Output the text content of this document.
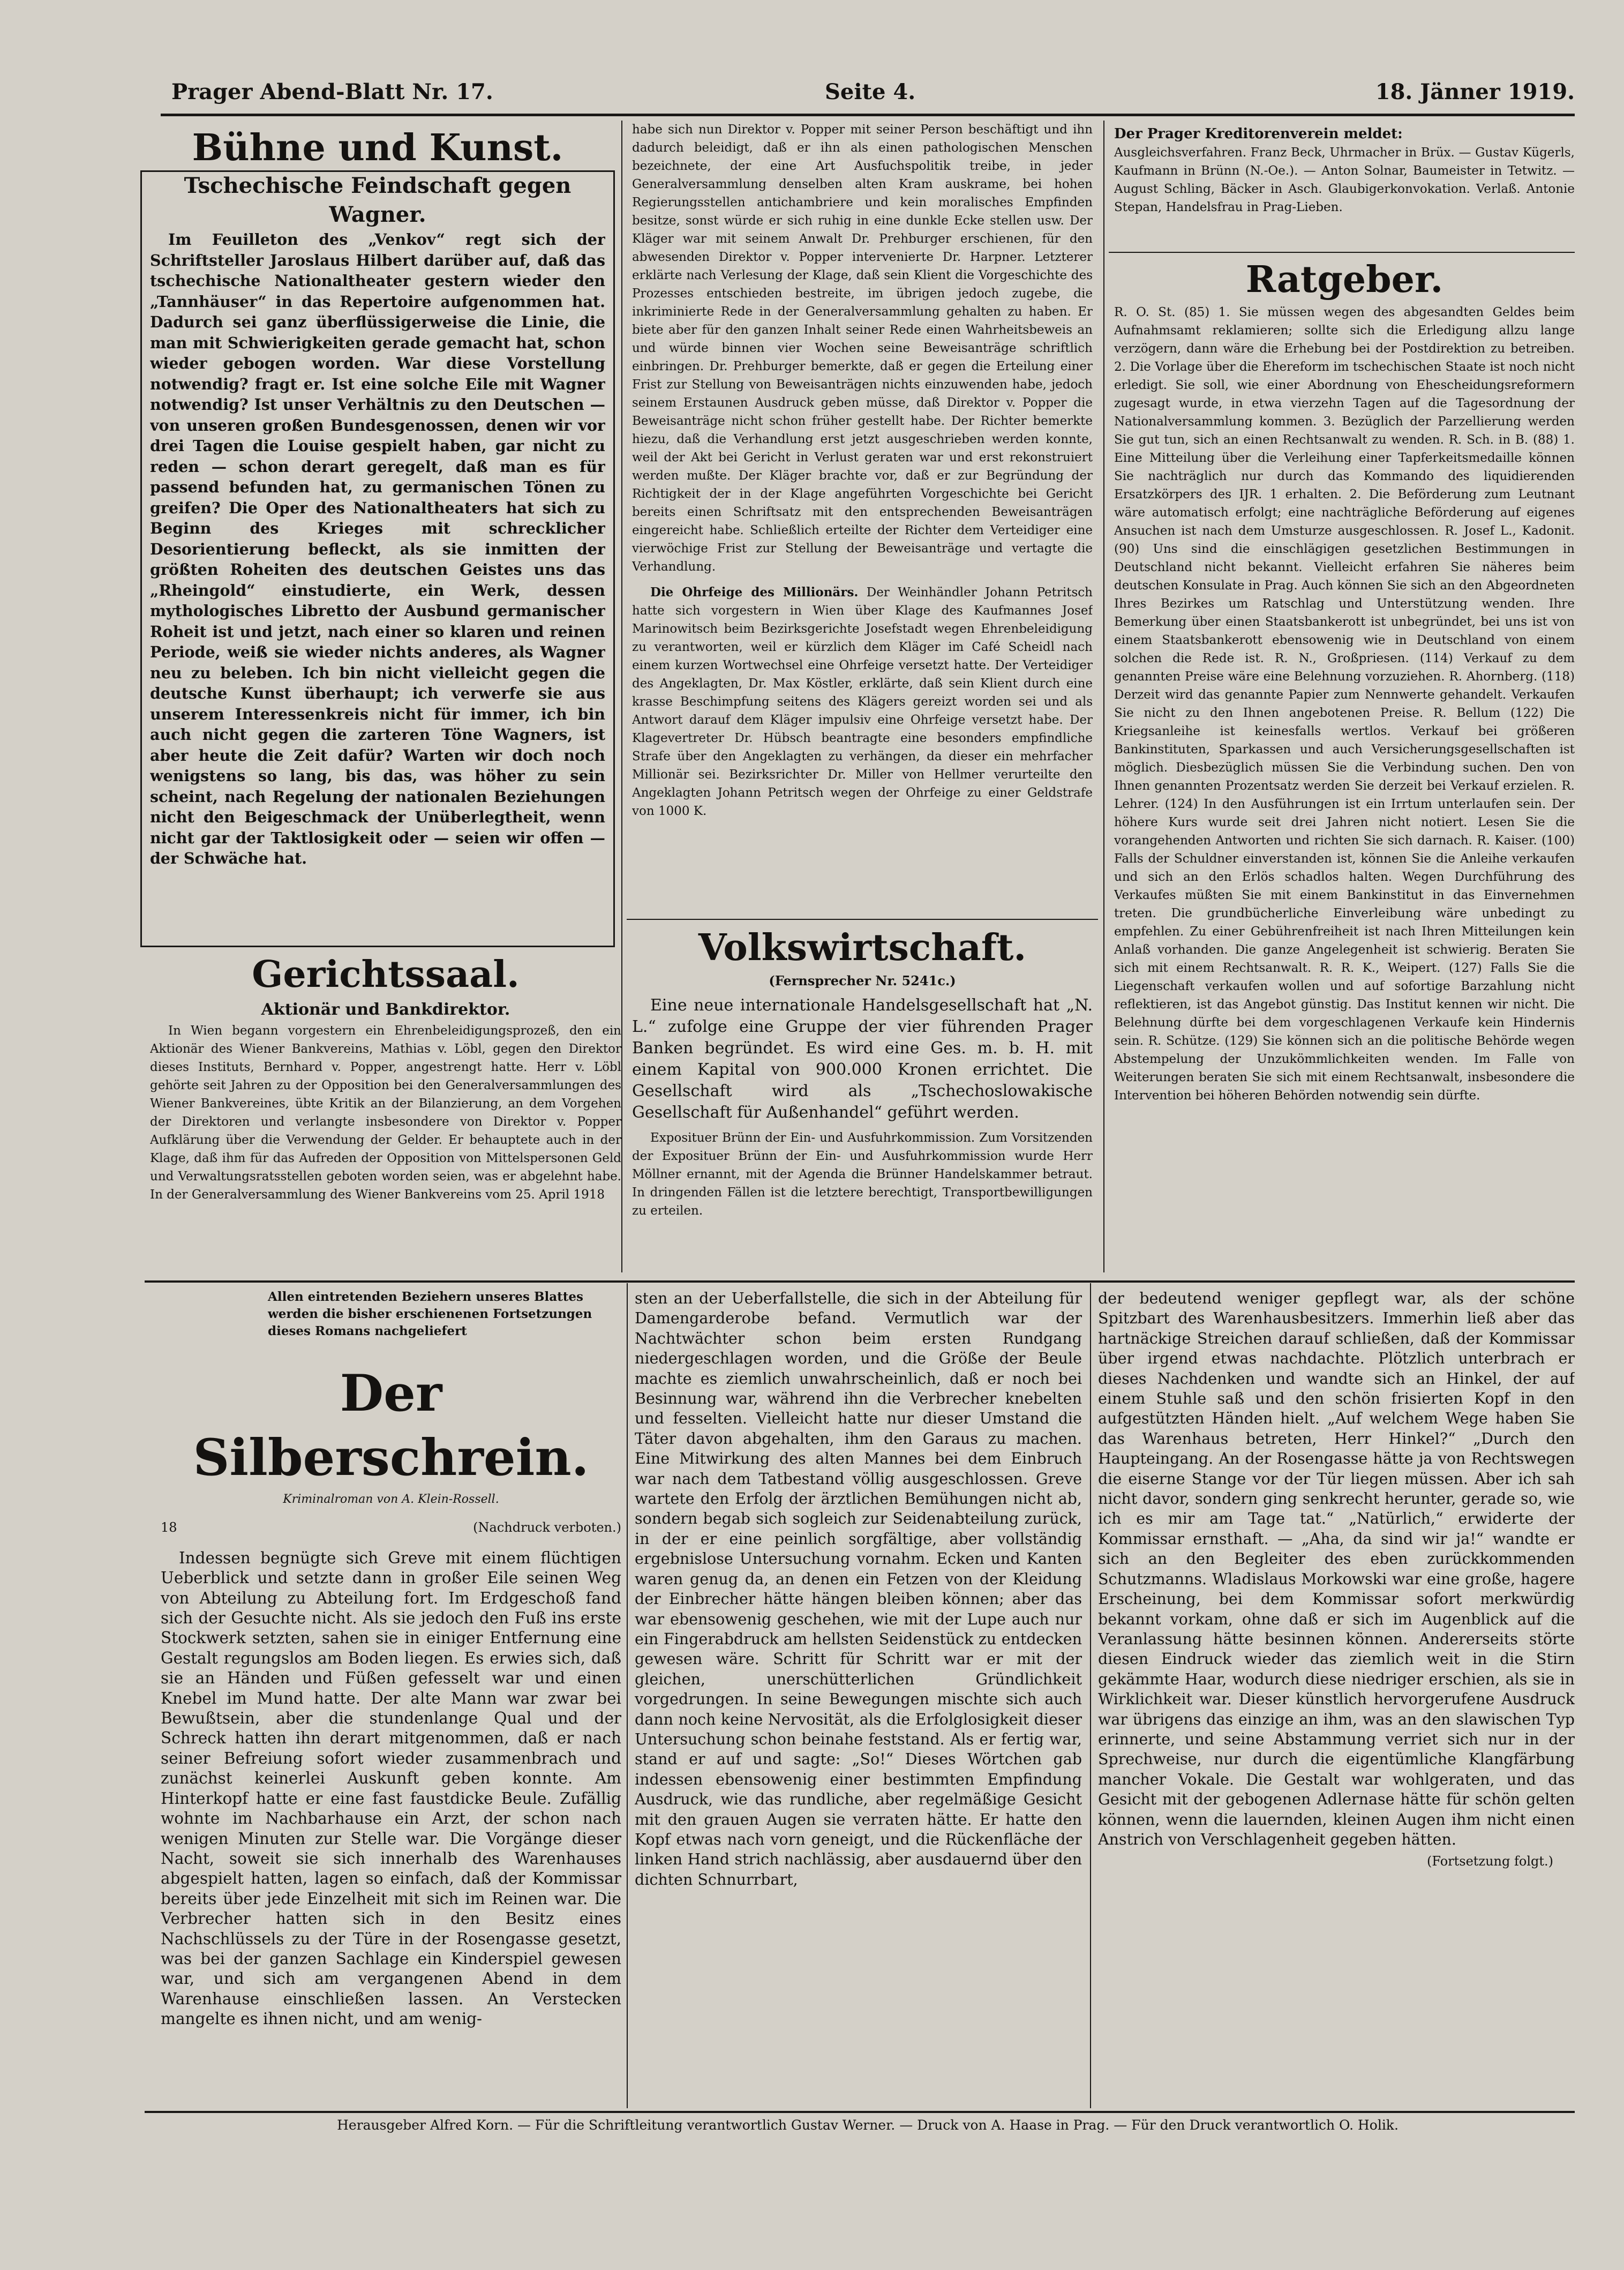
Prager Abend-Blatt Nr. 17.	Seite 4.	18. Jänner 1919.
Bühne und Kunst.
Tschechische Feindschaft gegen Wagner.

Im Feuilleton des „Venkov“ regt sich der Schriftsteller Jaroslaus Hilbert darüber auf, daß das tschechische Nationaltheater gestern wieder den „Tannhäuser“ in das Repertoire aufgenommen hat. Dadurch sei ganz überflüssigerweise die Linie, die man mit Schwierigkeiten gerade gemacht hat, schon wieder gebogen worden. War diese Vorstellung notwendig? fragt er. Ist eine solche Eile mit Wagner notwendig? Ist unser Verhältnis zu den Deutschen — von unseren großen Bundesgenossen, denen wir vor drei Tagen die Louise gespielt haben, gar nicht zu reden — schon derart geregelt, daß man es für passend befunden hat, zu germanischen Tönen zu greifen? Die Oper des Nationaltheaters hat sich zu Beginn des Krieges mit schrecklicher Desorientierung befleckt, als sie inmitten der größten Roheiten des deutschen Geistes uns das „Rheingold“ einstudierte, ein Werk, dessen mythologisches Libretto der Ausbund germanischer Roheit ist und jetzt, nach einer so klaren und reinen Periode, weiß sie wieder nichts anderes, als Wagner neu zu beleben. Ich bin nicht vielleicht gegen die deutsche Kunst überhaupt; ich verwerfe sie aus unserem Interessenkreis nicht für immer, ich bin auch nicht gegen die zarteren Töne Wagners, ist aber heute die Zeit dafür? Warten wir doch noch wenigstens so lang, bis das, was höher zu sein scheint, nach Regelung der nationalen Beziehungen nicht den Beigeschmack der Unüberlegtheit, wenn nicht gar der Taktlosigkeit oder — seien wir offen — der Schwäche hat.

Gerichtssaal.
Aktionär und Bankdirektor.

In Wien begann vorgestern ein Ehrenbeleidigungsprozeß, den ein Aktionär des Wiener Bankvereins, Mathias v. Löbl, gegen den Direktor dieses Instituts, Bernhard v. Popper, angestrengt hatte. Herr v. Löbl gehörte seit Jahren zu der Opposition bei den Generalversammlungen des Wiener Bankvereines, übte Kritik an der Bilanzierung, an dem Vorgehen der Direktoren und verlangte insbesondere von Direktor v. Popper Aufklärung über die Verwendung der Gelder. Er behauptete auch in der Klage, daß ihm für das Aufreden der Opposition von Mittelspersonen Geld und Verwaltungsratsstellen geboten worden seien, was er abgelehnt habe. In der Generalversammlung des Wiener Bankvereins vom 25. April 1918

habe sich nun Direktor v. Popper mit seiner Person beschäftigt und ihn dadurch beleidigt, daß er ihn als einen pathologischen Menschen bezeichnete, der eine Art Ausfuchspolitik treibe, in jeder Generalversammlung denselben alten Kram auskrame, bei hohen Regierungsstellen antichambriere und kein moralisches Empfinden besitze, sonst würde er sich ruhig in eine dunkle Ecke stellen usw. Der Kläger war mit seinem Anwalt Dr. Prehburger erschienen, für den abwesenden Direktor v. Popper intervenierte Dr. Harpner. Letzterer erklärte nach Verlesung der Klage, daß sein Klient die Vorgeschichte des Prozesses entschieden bestreite, im übrigen jedoch zugebe, die inkriminierte Rede in der Generalversammlung gehalten zu haben. Er biete aber für den ganzen Inhalt seiner Rede einen Wahrheitsbeweis an und würde binnen vier Wochen seine Beweisanträge schriftlich einbringen. Dr. Prehburger bemerkte, daß er gegen die Erteilung einer Frist zur Stellung von Beweisanträgen nichts einzuwenden habe, jedoch seinem Erstaunen Ausdruck geben müsse, daß Direktor v. Popper die Beweisanträge nicht schon früher gestellt habe. Der Richter bemerkte hiezu, daß die Verhandlung erst jetzt ausgeschrieben werden konnte, weil der Akt bei Gericht in Verlust geraten war und erst rekonstruiert werden mußte. Der Kläger brachte vor, daß er zur Begründung der Richtigkeit der in der Klage angeführten Vorgeschichte bei Gericht bereits einen Schriftsatz mit den entsprechenden Beweisanträgen eingereicht habe. Schließlich erteilte der Richter dem Verteidiger eine vierwöchige Frist zur Stellung der Beweisanträge und vertagte die Verhandlung.

Die Ohrfeige des Millionärs. Der Weinhändler Johann Petritsch hatte sich vorgestern in Wien über Klage des Kaufmannes Josef Marinowitsch beim Bezirksgerichte Josefstadt wegen Ehrenbeleidigung zu verantworten, weil er kürzlich dem Kläger im Café Scheidl nach einem kurzen Wortwechsel eine Ohrfeige versetzt hatte. Der Verteidiger des Angeklagten, Dr. Max Köstler, erklärte, daß sein Klient durch eine krasse Beschimpfung seitens des Klägers gereizt worden sei und als Antwort darauf dem Kläger impulsiv eine Ohrfeige versetzt habe. Der Klagevertreter Dr. Hübsch beantragte eine besonders empfindliche Strafe über den Angeklagten zu verhängen, da dieser ein mehrfacher Millionär sei. Bezirksrichter Dr. Miller von Hellmer verurteilte den Angeklagten Johann Petritsch wegen der Ohrfeige zu einer Geldstrafe von 1000 K.

Volkswirtschaft.
(Fernsprecher Nr. 5241c.)

Eine neue internationale Handelsgesellschaft hat „N. L.“ zufolge eine Gruppe der vier führenden Prager Banken begründet. Es wird eine Ges. m. b. H. mit einem Kapital von 900.000 Kronen errichtet. Die Gesellschaft wird als „Tschechoslowakische Gesellschaft für Außenhandel“ geführt werden.

Exposituer Brünn der Ein- und Ausfuhrkommission. Zum Vorsitzenden der Exposituer Brünn der Ein- und Ausfuhrkommission wurde Herr Möllner ernannt, mit der Agenda die Brünner Handelskammer betraut. In dringenden Fällen ist die letztere berechtigt, Transportbewilligungen zu erteilen.

Der Prager Kreditorenverein meldet:

Ausgleichsverfahren. Franz Beck, Uhrmacher in Brüx. — Gustav Kügerls, Kaufmann in Brünn (N.-Oe.). — Anton Solnar, Baumeister in Tetwitz. — August Schling, Bäcker in Asch. Glaubigerkonvokation. Verlaß. Antonie Stepan, Handelsfrau in Prag-Lieben.

Ratgeber.

R. O. St. (85) 1. Sie müssen wegen des abgesandten Geldes beim Aufnahmsamt reklamieren; sollte sich die Erledigung allzu lange verzögern, dann wäre die Erhebung bei der Postdirektion zu betreiben. 2. Die Vorlage über die Ehereform im tschechischen Staate ist noch nicht erledigt. Sie soll, wie einer Abordnung von Ehescheidungsreformern zugesagt wurde, in etwa vierzehn Tagen auf die Tagesordnung der Nationalversammlung kommen. 3. Bezüglich der Parzellierung werden Sie gut tun, sich an einen Rechtsanwalt zu wenden. R. Sch. in B. (88) 1. Eine Mitteilung über die Verleihung einer Tapferkeitsmedaille können Sie nachträglich nur durch das Kommando des liquidierenden Ersatzkörpers des IJR. 1 erhalten. 2. Die Beförderung zum Leutnant wäre automatisch erfolgt; eine nachträgliche Beförderung auf eigenes Ansuchen ist nach dem Umsturze ausgeschlossen. R. Josef L., Kadonit. (90) Uns sind die einschlägigen gesetzlichen Bestimmungen in Deutschland nicht bekannt. Vielleicht erfahren Sie näheres beim deutschen Konsulate in Prag. Auch können Sie sich an den Abgeordneten Ihres Bezirkes um Ratschlag und Unterstützung wenden. Ihre Bemerkung über einen Staatsbankerott ist unbegründet, bei uns ist von einem Staatsbankerott ebensowenig wie in Deutschland von einem solchen die Rede ist. R. N., Großpriesen. (114) Verkauf zu dem genannten Preise wäre eine Belehnung vorzuziehen. R. Ahornberg. (118) Derzeit wird das genannte Papier zum Nennwerte gehandelt. Verkaufen Sie nicht zu den Ihnen angebotenen Preise. R. Bellum (122) Die Kriegsanleihe ist keinesfalls wertlos. Verkauf bei größeren Bankinstituten, Sparkassen und auch Versicherungsgesellschaften ist möglich. Diesbezüglich müssen Sie die Verbindung suchen. Den von Ihnen genannten Prozentsatz werden Sie derzeit bei Verkauf erzielen. R. Lehrer. (124) In den Ausführungen ist ein Irrtum unterlaufen sein. Der höhere Kurs wurde seit drei Jahren nicht notiert. Lesen Sie die vorangehenden Antworten und richten Sie sich darnach. R. Kaiser. (100) Falls der Schuldner einverstanden ist, können Sie die Anleihe verkaufen und sich an den Erlös schadlos halten. Wegen Durchführung des Verkaufes müßten Sie mit einem Bankinstitut in das Einvernehmen treten. Die grundbücherliche Einverleibung wäre unbedingt zu empfehlen. Zu einer Gebührenfreiheit ist nach Ihren Mitteilungen kein Anlaß vorhanden. Die ganze Angelegenheit ist schwierig. Beraten Sie sich mit einem Rechtsanwalt. R. R. K., Weipert. (127) Falls Sie die Liegenschaft verkaufen wollen und auf sofortige Barzahlung nicht reflektieren, ist das Angebot günstig. Das Institut kennen wir nicht. Die Belehnung dürfte bei dem vorgeschlagenen Verkaufe kein Hindernis sein. R. Schütze. (129) Sie können sich an die politische Behörde wegen Abstempelung der Unzukömmlichkeiten wenden. Im Falle von Weiterungen beraten Sie sich mit einem Rechtsanwalt, insbesondere die Intervention bei höheren Behörden notwendig sein dürfte.

Allen eintretenden Beziehern unseres Blattes werden die bisher erschienenen Fortsetzungen dieses Romans nachgeliefert
Der Silberschrein.
Kriminalroman von A. Klein-Rossell.
18	(Nachdruck verboten.)

Indessen begnügte sich Greve mit einem flüchtigen Ueberblick und setzte dann in großer Eile seinen Weg von Abteilung zu Abteilung fort. Im Erdgeschoß fand sich der Gesuchte nicht. Als sie jedoch den Fuß ins erste Stockwerk setzten, sahen sie in einiger Entfernung eine Gestalt regungslos am Boden liegen. Es erwies sich, daß sie an Händen und Füßen gefesselt war und einen Knebel im Mund hatte. Der alte Mann war zwar bei Bewußtsein, aber die stundenlange Qual und der Schreck hatten ihn derart mitgenommen, daß er nach seiner Befreiung sofort wieder zusammenbrach und zunächst keinerlei Auskunft geben konnte. Am Hinterkopf hatte er eine fast faustdicke Beule. Zufällig wohnte im Nachbarhause ein Arzt, der schon nach wenigen Minuten zur Stelle war. Die Vorgänge dieser Nacht, soweit sie sich innerhalb des Warenhauses abgespielt hatten, lagen so einfach, daß der Kommissar bereits über jede Einzelheit mit sich im Reinen war. Die Verbrecher hatten sich in den Besitz eines Nachschlüssels zu der Türe in der Rosengasse gesetzt, was bei der ganzen Sachlage ein Kinderspiel gewesen war, und sich am vergangenen Abend in dem Warenhause einschließen lassen. An Verstecken mangelte es ihnen nicht, und am wenig-

sten an der Ueberfallstelle, die sich in der Abteilung für Damengarderobe befand. Vermutlich war der Nachtwächter schon beim ersten Rundgang niedergeschlagen worden, und die Größe der Beule machte es ziemlich unwahrscheinlich, daß er noch bei Besinnung war, während ihn die Verbrecher knebelten und fesselten. Vielleicht hatte nur dieser Umstand die Täter davon abgehalten, ihm den Garaus zu machen. Eine Mitwirkung des alten Mannes bei dem Einbruch war nach dem Tatbestand völlig ausgeschlossen. Greve wartete den Erfolg der ärztlichen Bemühungen nicht ab, sondern begab sich sogleich zur Seidenabteilung zurück, in der er eine peinlich sorgfältige, aber vollständig ergebnislose Untersuchung vornahm. Ecken und Kanten waren genug da, an denen ein Fetzen von der Kleidung der Einbrecher hätte hängen bleiben können; aber das war ebensowenig geschehen, wie mit der Lupe auch nur ein Fingerabdruck am hellsten Seidenstück zu entdecken gewesen wäre. Schritt für Schritt war er mit der gleichen, unerschütterlichen Gründlichkeit vorgedrungen. In seine Bewegungen mischte sich auch dann noch keine Nervosität, als die Erfolglosigkeit dieser Untersuchung schon beinahe feststand. Als er fertig war, stand er auf und sagte: „So!“ Dieses Wörtchen gab indessen ebensowenig einer bestimmten Empfindung Ausdruck, wie das rundliche, aber regelmäßige Gesicht mit den grauen Augen sie verraten hätte. Er hatte den Kopf etwas nach vorn geneigt, und die Rückenfläche der linken Hand strich nachlässig, aber ausdauernd über den dichten Schnurrbart,

der bedeutend weniger gepflegt war, als der schöne Spitzbart des Warenhausbesitzers. Immerhin ließ aber das hartnäckige Streichen darauf schließen, daß der Kommissar über irgend etwas nachdachte. Plötzlich unterbrach er dieses Nachdenken und wandte sich an Hinkel, der auf einem Stuhle saß und den schön frisierten Kopf in den aufgestützten Händen hielt. „Auf welchem Wege haben Sie das Warenhaus betreten, Herr Hinkel?“ „Durch den Haupteingang. An der Rosengasse hätte ja von Rechtswegen die eiserne Stange vor der Tür liegen müssen. Aber ich sah nicht davor, sondern ging senkrecht herunter, gerade so, wie ich es mir am Tage tat.“ „Natürlich,“ erwiderte der Kommissar ernsthaft. — „Aha, da sind wir ja!“ wandte er sich an den Begleiter des eben zurückkommenden Schutzmanns. Wladislaus Morkowski war eine große, hagere Erscheinung, bei dem Kommissar sofort merkwürdig bekannt vorkam, ohne daß er sich im Augenblick auf die Veranlassung hätte besinnen können. Andererseits störte diesen Eindruck wieder das ziemlich weit in die Stirn gekämmte Haar, wodurch diese niedriger erschien, als sie in Wirklichkeit war. Dieser künstlich hervorgerufene Ausdruck war übrigens das einzige an ihm, was an den slawischen Typ erinnerte, und seine Abstammung verriet sich nur in der Sprechweise, nur durch die eigentümliche Klangfärbung mancher Vokale. Die Gestalt war wohlgeraten, und das Gesicht mit der gebogenen Adlernase hätte für schön gelten können, wenn die lauernden, kleinen Augen ihm nicht einen Anstrich von Verschlagenheit gegeben hätten.

(Fortsetzung folgt.)
Herausgeber Alfred Korn. — Für die Schriftleitung verantwortlich Gustav Werner. — Druck von A. Haase in Prag. — Für den Druck verantwortlich O. Holik.
